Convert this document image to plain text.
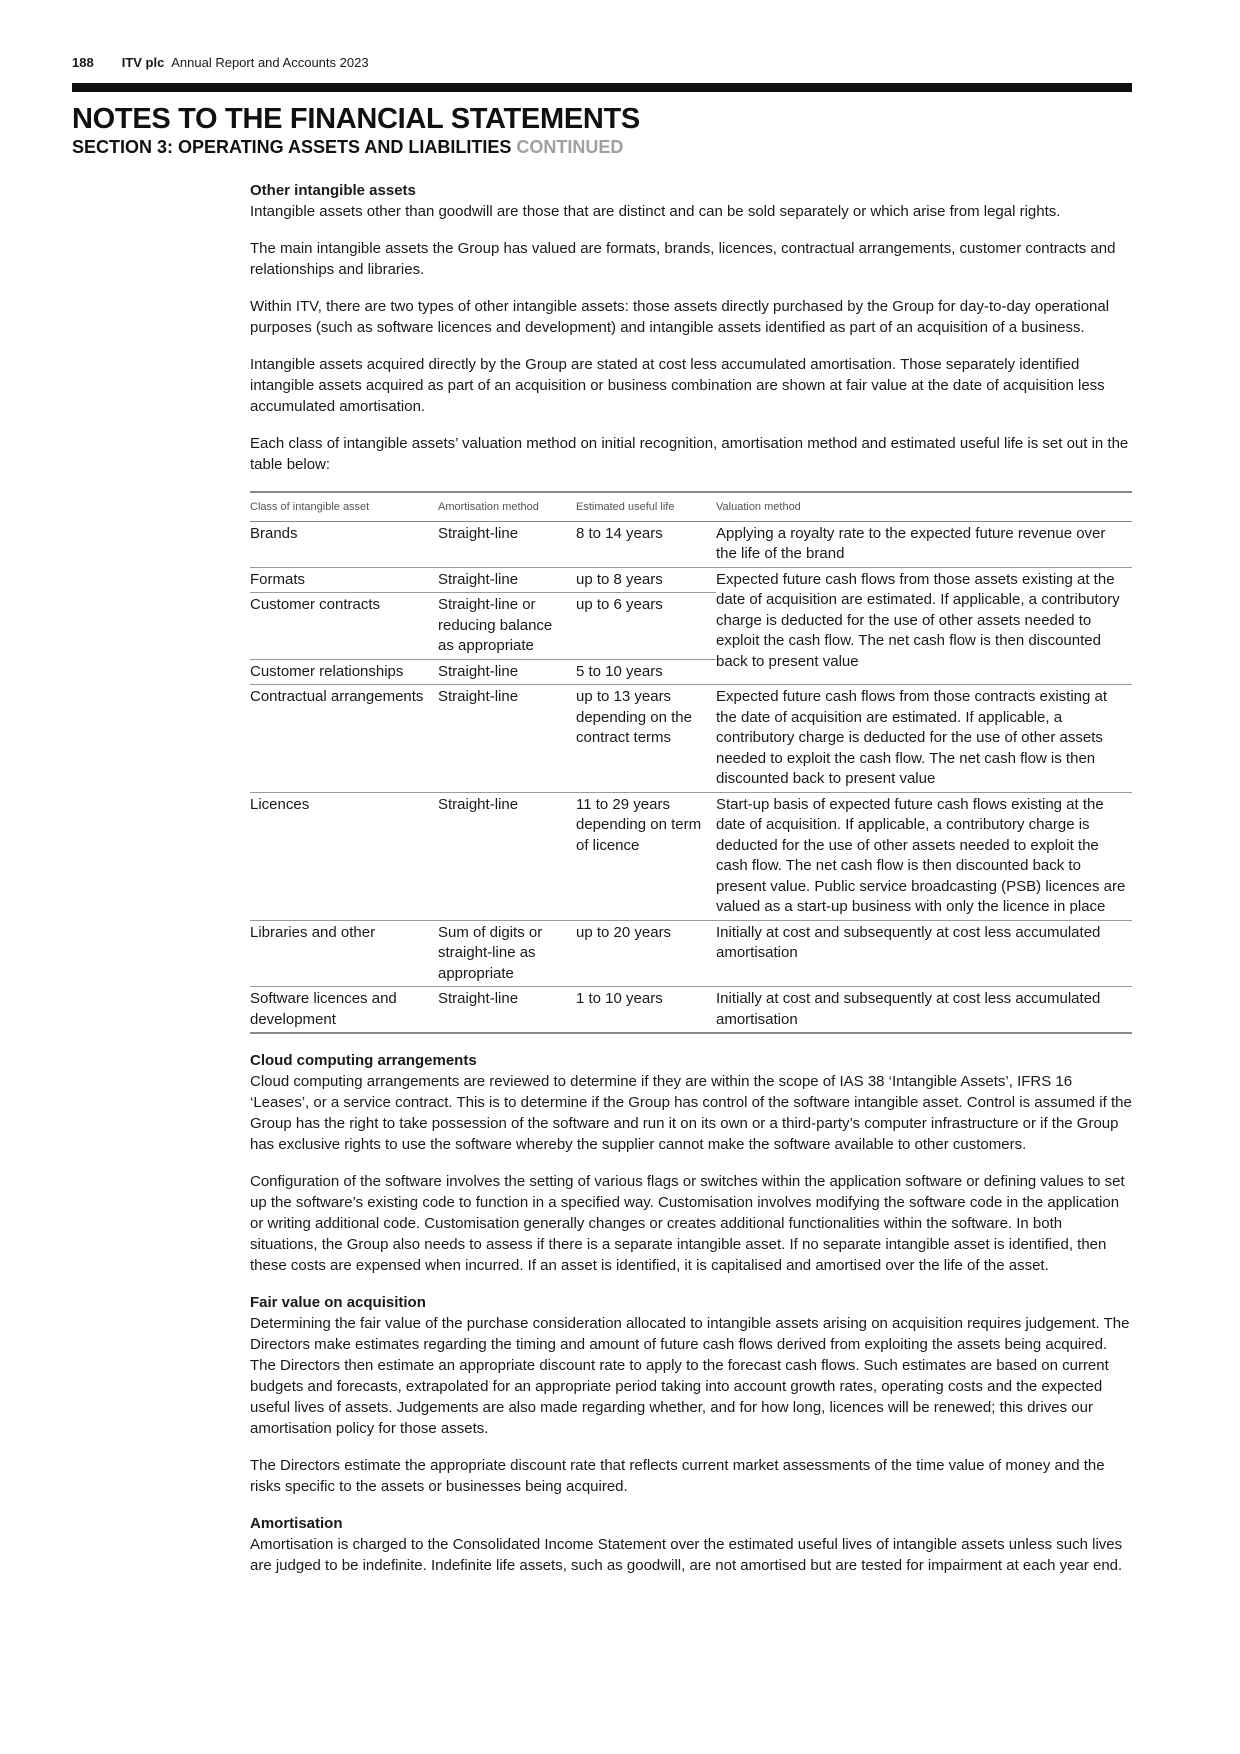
188 ITV plc Annual Report and Accounts 2023
NOTES TO THE FINANCIAL STATEMENTS
SECTION 3: OPERATING ASSETS AND LIABILITIES CONTINUED
Other intangible assets

Intangible assets other than goodwill are those that are distinct and can be sold separately or which arise from legal rights.

The main intangible assets the Group has valued are formats, brands, licences, contractual arrangements, customer contracts and relationships and libraries.

Within ITV, there are two types of other intangible assets: those assets directly purchased by the Group for day-to-day operational purposes (such as software licences and development) and intangible assets identified as part of an acquisition of a business.

Intangible assets acquired directly by the Group are stated at cost less accumulated amortisation. Those separately identified intangible assets acquired as part of an acquisition or business combination are shown at fair value at the date of acquisition less accumulated amortisation.

Each class of intangible assets’ valuation method on initial recognition, amortisation method and estimated useful life is set out in the table below:

Class of intangible asset	Amortisation method	Estimated useful life	Valuation method
Brands	Straight-line	8 to 14 years	Applying a royalty rate to the expected future revenue over the life of the brand
Formats	Straight-line	up to 8 years	Expected future cash flows from those assets existing at the date of acquisition are estimated. If applicable, a contributory charge is deducted for the use of other assets needed to exploit the cash flow. The net cash flow is then discounted back to present value
Customer contracts	Straight-line or reducing balance as appropriate	up to 6 years	
Customer relationships	Straight-line	5 to 10 years	
Contractual arrangements	Straight-line	up to 13 years depending on the contract terms	Expected future cash flows from those contracts existing at the date of acquisition are estimated. If applicable, a contributory charge is deducted for the use of other assets needed to exploit the cash flow. The net cash flow is then discounted back to present value
Licences	Straight-line	11 to 29 years depending on term of licence	Start-up basis of expected future cash flows existing at the date of acquisition. If applicable, a contributory charge is deducted for the use of other assets needed to exploit the cash flow. The net cash flow is then discounted back to present value. Public service broadcasting (PSB) licences are valued as a start-up business with only the licence in place
Libraries and other	Sum of digits or straight-line as appropriate	up to 20 years	Initially at cost and subsequently at cost less accumulated amortisation
Software licences and development	Straight-line	1 to 10 years	Initially at cost and subsequently at cost less accumulated amortisation
Cloud computing arrangements

Cloud computing arrangements are reviewed to determine if they are within the scope of IAS 38 ‘Intangible Assets’, IFRS 16 ‘Leases’, or a service contract. This is to determine if the Group has control of the software intangible asset. Control is assumed if the Group has the right to take possession of the software and run it on its own or a third-party’s computer infrastructure or if the Group has exclusive rights to use the software whereby the supplier cannot make the software available to other customers.

Configuration of the software involves the setting of various flags or switches within the application software or defining values to set up the software’s existing code to function in a specified way. Customisation involves modifying the software code in the application or writing additional code. Customisation generally changes or creates additional functionalities within the software. In both situations, the Group also needs to assess if there is a separate intangible asset. If no separate intangible asset is identified, then these costs are expensed when incurred. If an asset is identified, it is capitalised and amortised over the life of the asset.

Fair value on acquisition

Determining the fair value of the purchase consideration allocated to intangible assets arising on acquisition requires judgement. The Directors make estimates regarding the timing and amount of future cash flows derived from exploiting the assets being acquired. The Directors then estimate an appropriate discount rate to apply to the forecast cash flows. Such estimates are based on current budgets and forecasts, extrapolated for an appropriate period taking into account growth rates, operating costs and the expected useful lives of assets. Judgements are also made regarding whether, and for how long, licences will be renewed; this drives our amortisation policy for those assets.

The Directors estimate the appropriate discount rate that reflects current market assessments of the time value of money and the risks specific to the assets or businesses being acquired.

Amortisation

Amortisation is charged to the Consolidated Income Statement over the estimated useful lives of intangible assets unless such lives are judged to be indefinite. Indefinite life assets, such as goodwill, are not amortised but are tested for impairment at each year end.
